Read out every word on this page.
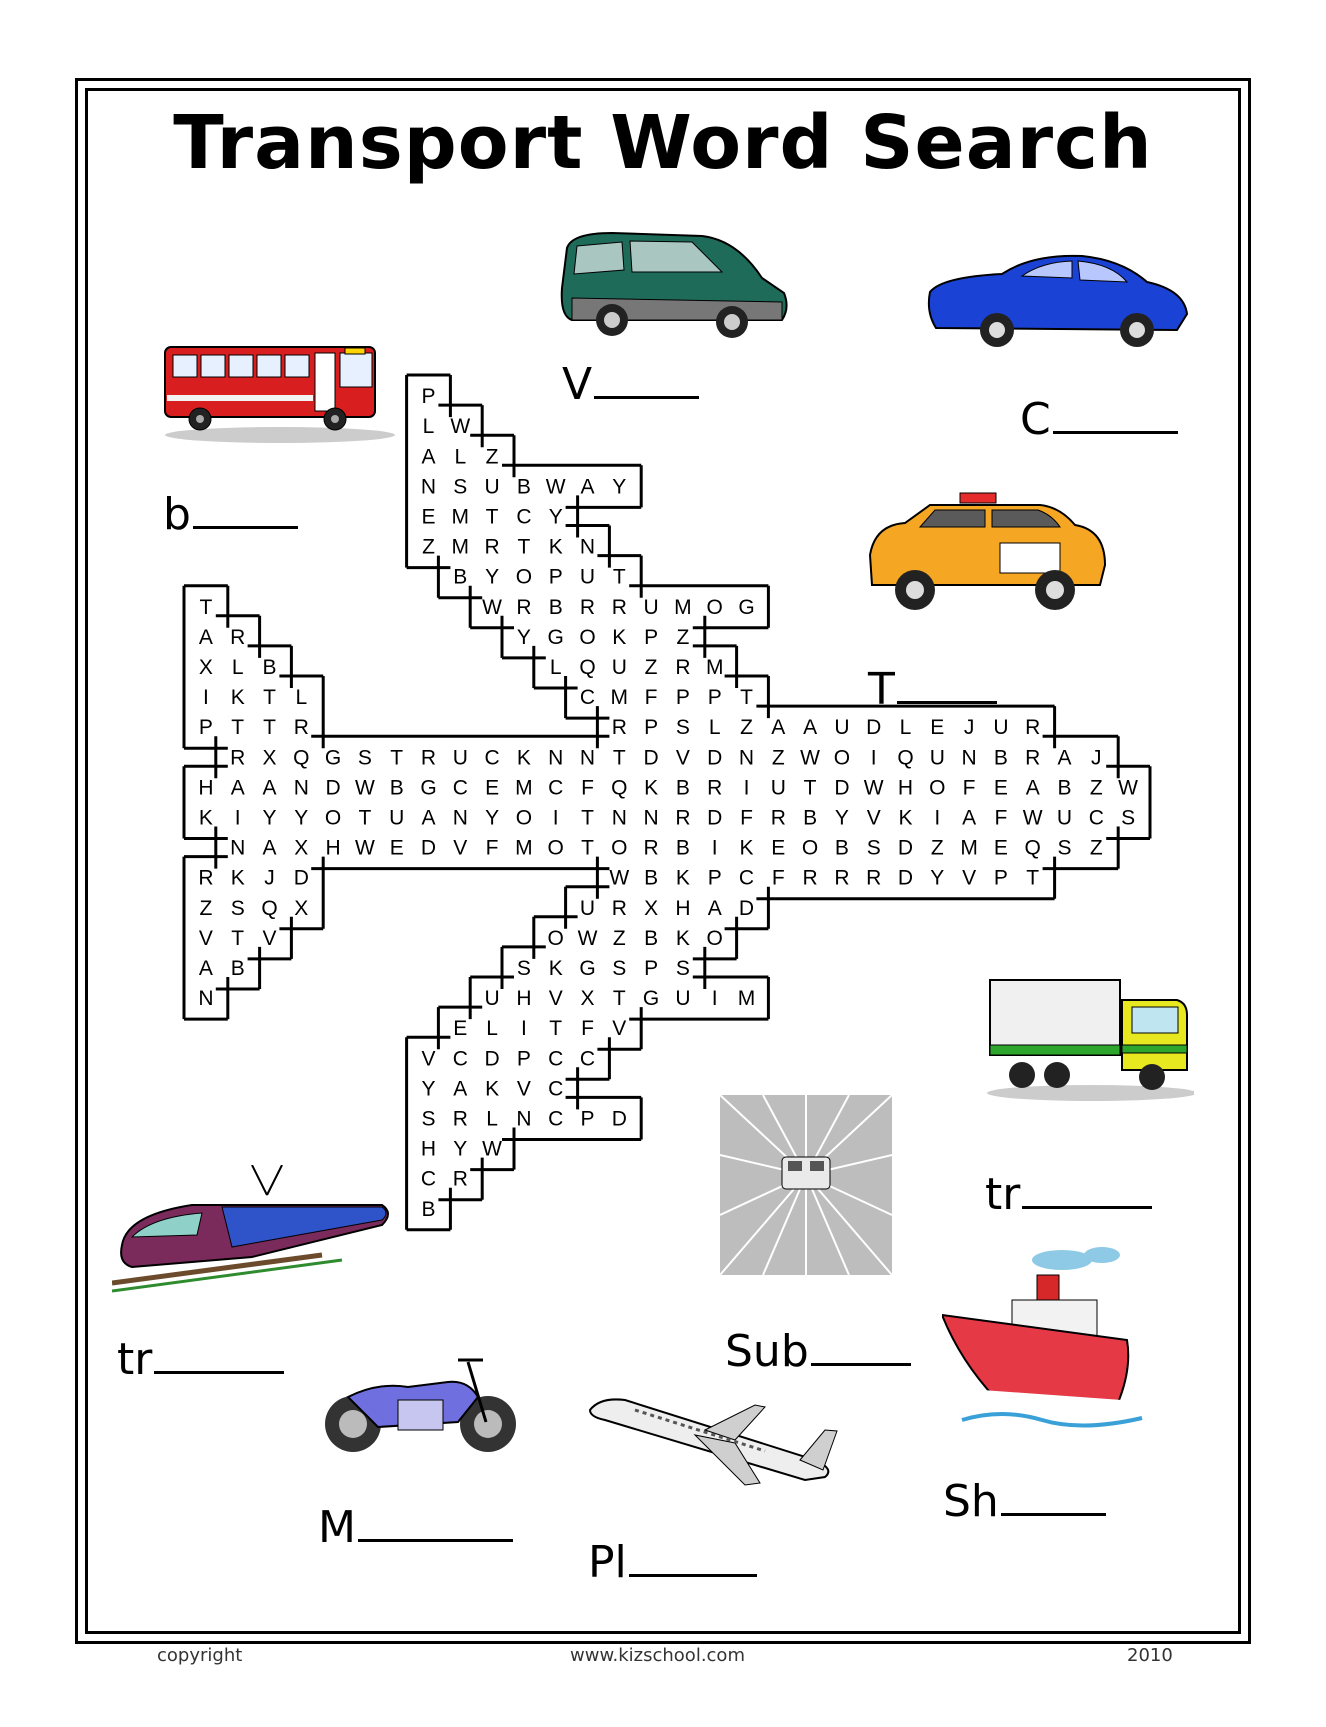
Transport Word Search
P
L W
A L Z
N S U B W A Y
E M T C Y
Z M R T K N
B Y O P U T
T	W R B R R U M O G
A R	Y G O K P Z
X L B	L Q U Z R M
I K T L	C M F P P T
P T T R	R P S L Z A A U D L E J U R
R X Q G S T R U C K N N T D V D N Z W O I Q U N B R A J
H A A N D W B G C E M C F Q K B R I U T D W H O F E A B Z W
K I Y Y O T U A N Y O I T N N R D F R B Y V K I A F W U C S
N A X H W E D V F M O T O R B I K E O B S D Z M E Q S Z
R K J D	W B K P C F R R R D Y V P T
Z S Q X	U R X H A D
V T V	O W Z B K O
A B	S K G S P S
N	U H V X T G U I M
E L I T F V
V C D P C C
Y A K V C
S R L N C P D
H Y W
C R
B
V
C
b
T
tr
tr	Sub
M
Pl
Sh
copyright	www.kizschool.com	2010
